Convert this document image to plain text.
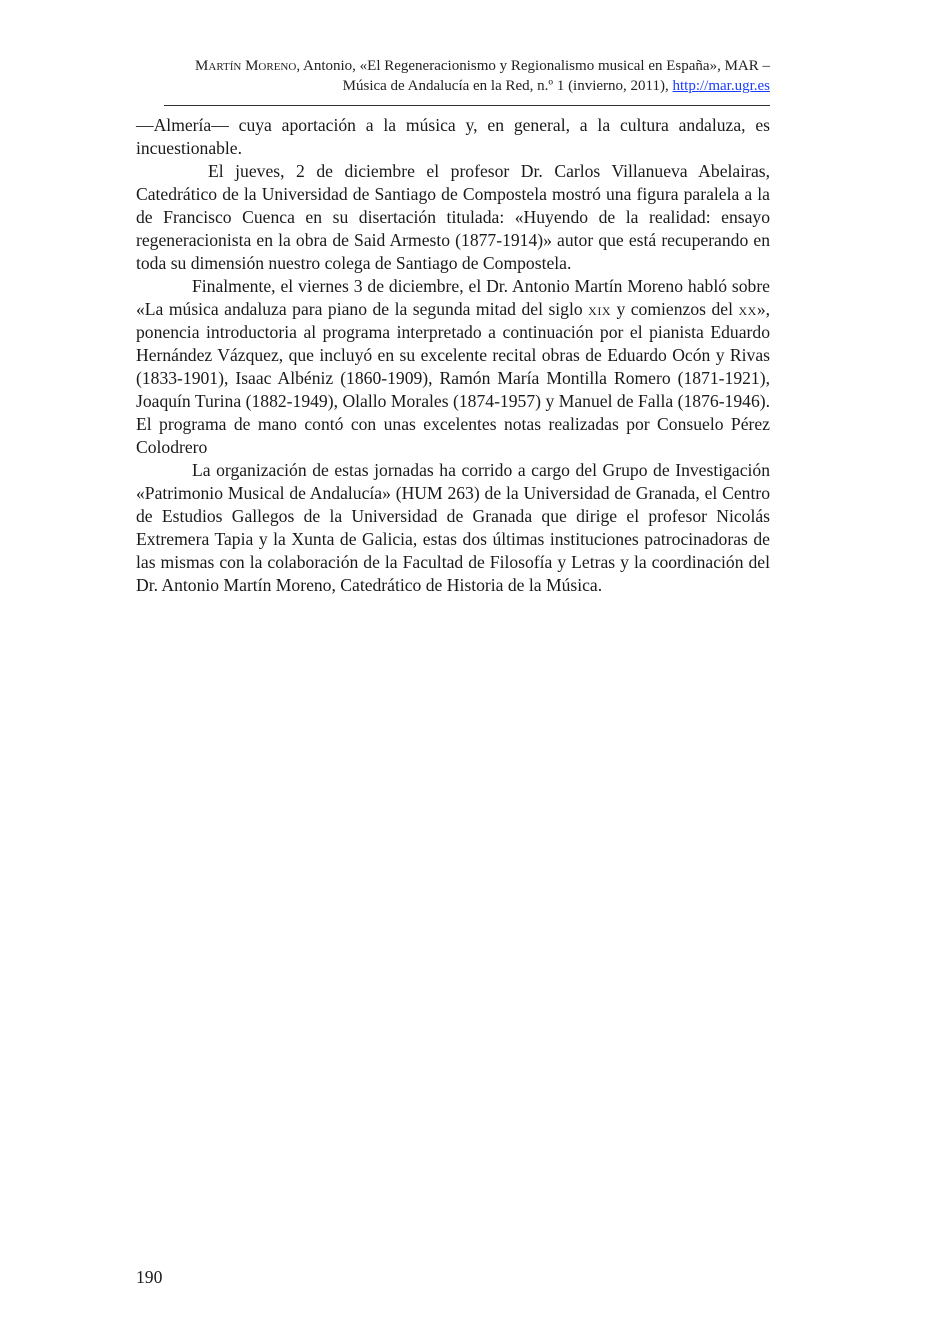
Martín Moreno, Antonio, «El Regeneracionismo y Regionalismo musical en España», MAR –
Música de Andalucía en la Red, n.º 1 (invierno, 2011), http://mar.ugr.es

—Almería— cuya aportación a la música y, en general, a la cultura andaluza, es incuestionable.

El jueves, 2 de diciembre el profesor Dr. Carlos Villanueva Abelairas, Catedrático de la Universidad de Santiago de Compostela mostró una figura paralela a la de Francisco Cuenca en su disertación titulada: «Huyendo de la realidad: ensayo regeneracionista en la obra de Said Armesto (1877-1914)» autor que está recuperando en toda su dimensión nuestro colega de Santiago de Compostela.

Finalmente, el viernes 3 de diciembre, el Dr. Antonio Martín Moreno habló sobre «La música andaluza para piano de la segunda mitad del siglo xix y comienzos del xx», ponencia introductoria al programa interpretado a continuación por el pianista Eduardo Hernández Vázquez, que incluyó en su excelente recital obras de Eduardo Ocón y Rivas (1833-1901), Isaac Albéniz (1860-1909), Ramón María Montilla Romero (1871-1921), Joaquín Turina (1882-1949), Olallo Morales (1874-1957) y Manuel de Falla (1876-1946). El programa de mano contó con unas excelentes notas realizadas por Consuelo Pérez Colodrero

La organización de estas jornadas ha corrido a cargo del Grupo de Investigación «Patrimonio Musical de Andalucía» (HUM 263) de la Universidad de Granada, el Centro de Estudios Gallegos de la Universidad de Granada que dirige el profesor Nicolás Extremera Tapia y la Xunta de Galicia, estas dos últimas instituciones patrocinadoras de las mismas con la colaboración de la Facultad de Filosofía y Letras y la coordinación del Dr. Antonio Martín Moreno, Catedrático de Historia de la Música.

190
